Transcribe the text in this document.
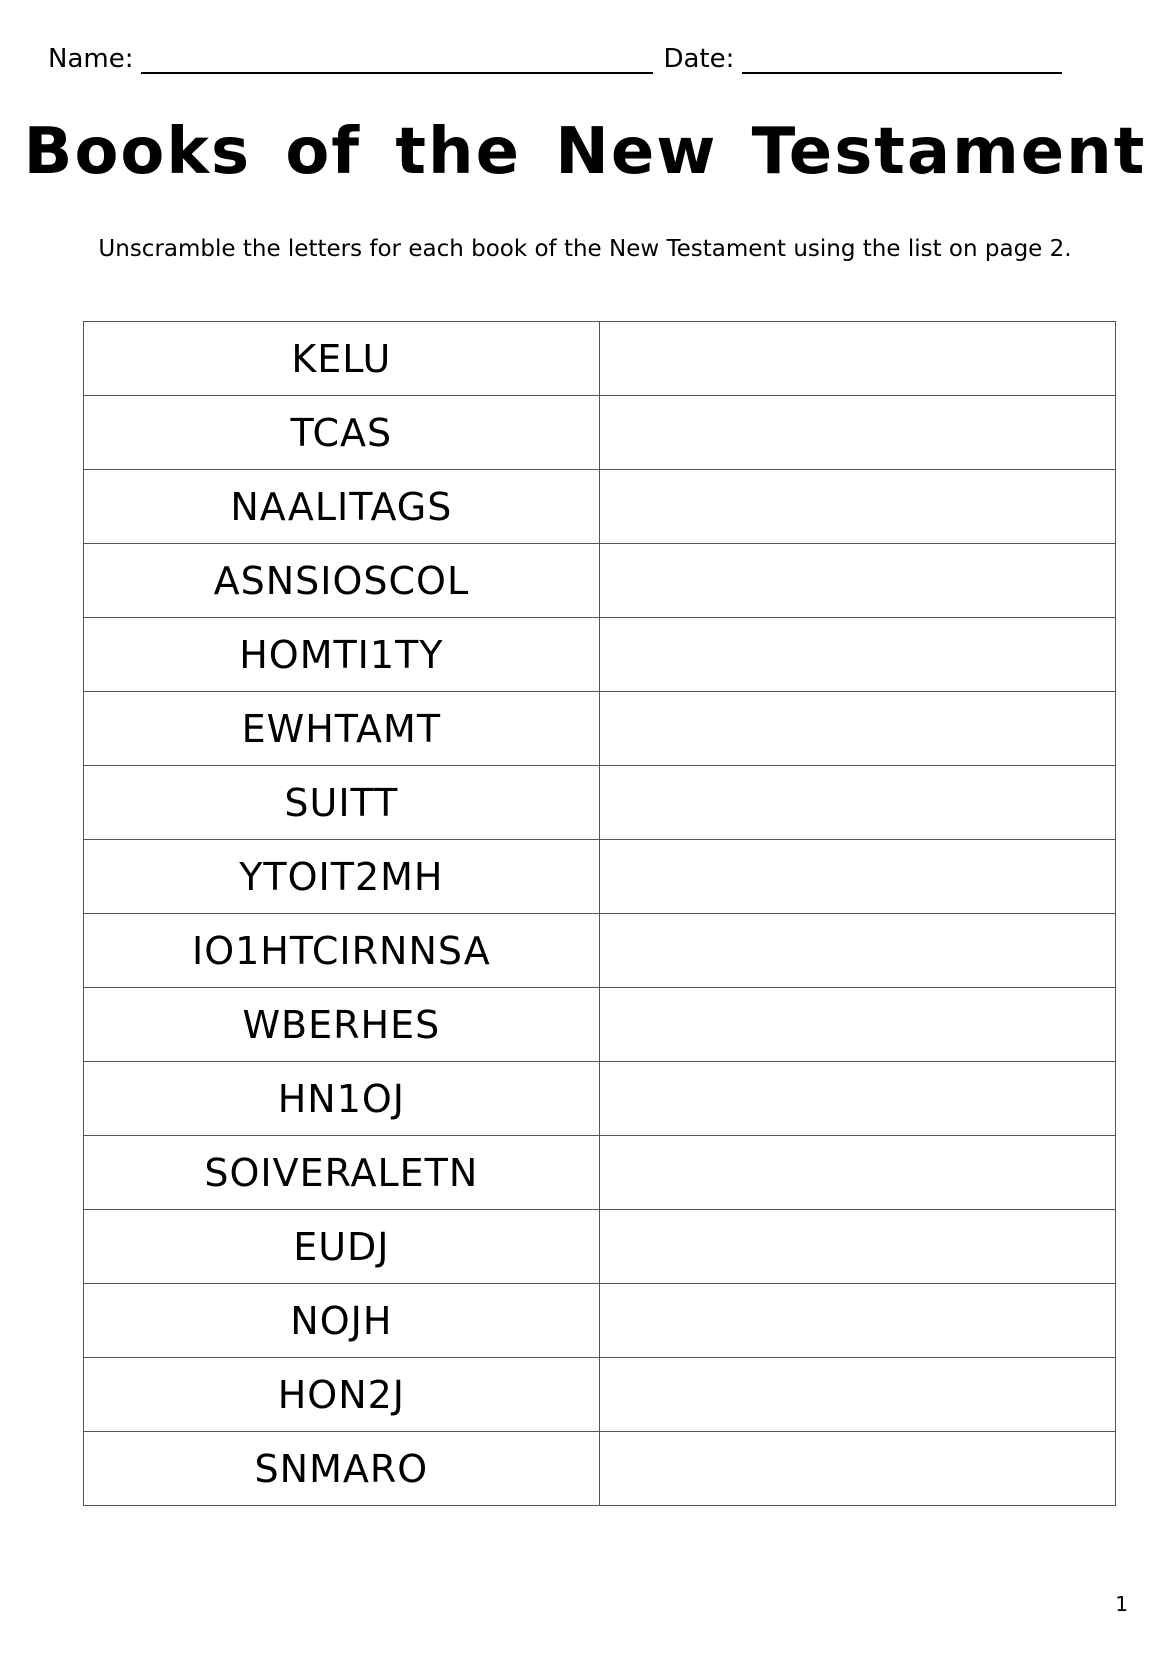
Name:	Date:
Books of the New Testament
Unscramble the letters for each book of the New Testament using the list on page 2.
KELU	
TCAS	
NAALITAGS	
ASNSIOSCOL	
HOMTI1TY	
EWHTAMT	
SUITT	
YTOIT2MH	
IO1HTCIRNNSA	
WBERHES	
HN1OJ	
SOIVERALETN	
EUDJ	
NOJH	
HON2J	
SNMARO	
1
